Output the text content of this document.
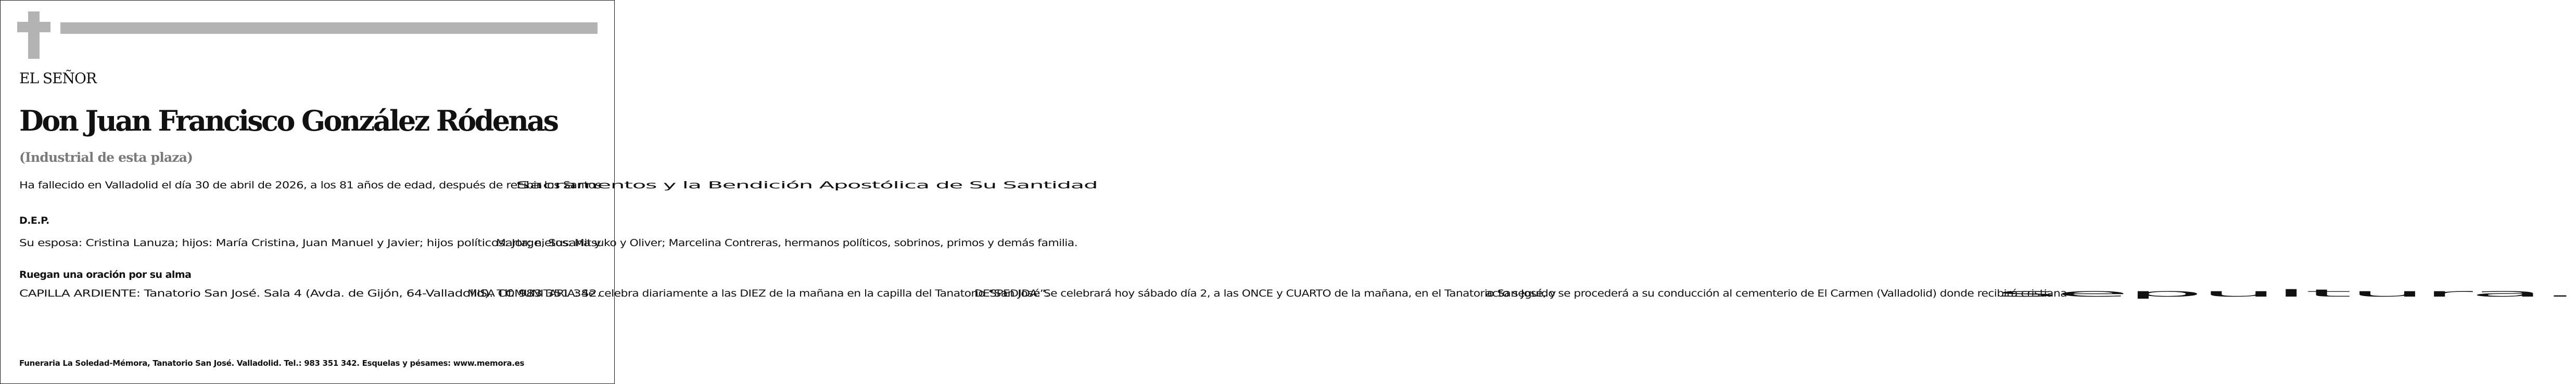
EL SEÑOR
Don Juan Francisco González Ródenas
(Industrial de esta plaza)
Ha fallecido en Valladolid el día 30 de abril de 2026, a los 81 años de edad, después de recibir los Santos Sacramentos y la Bendición Apostólica de Su Santidad
D.E.P.
Su esposa: Cristina Lanuza; hijos: María Cristina, Juan Manuel y Javier; hijos políticos: Jorge, Susana y Marta; nietos: Mitsuko y Oliver; Marcelina Contreras, hermanos políticos, sobrinos, primos y demás familia.
Ruegan una oración por su alma
CAPILLA ARDIENTE: Tanatorio San José. Sala 4 (Avda. de Gijón, 64-Valladolid). Tlf. 983 351 342. MISA COMUNITARIA: Se celebra diariamente a las DIEZ de la mañana en la capilla del Tanatorio “San José”. DESPEDIDA: Se celebrará hoy sábado día 2, a las ONCE y CUARTO de la mañana, en el Tanatorio San José, y acto seguido se procederá a su conducción al cementerio de El Carmen (Valladolid) donde recibirá cristiana sepultura.
Funeraria La Soledad-Mémora, Tanatorio San José. Valladolid. Tel.: 983 351 342. Esquelas y pésames: www.memora.es
